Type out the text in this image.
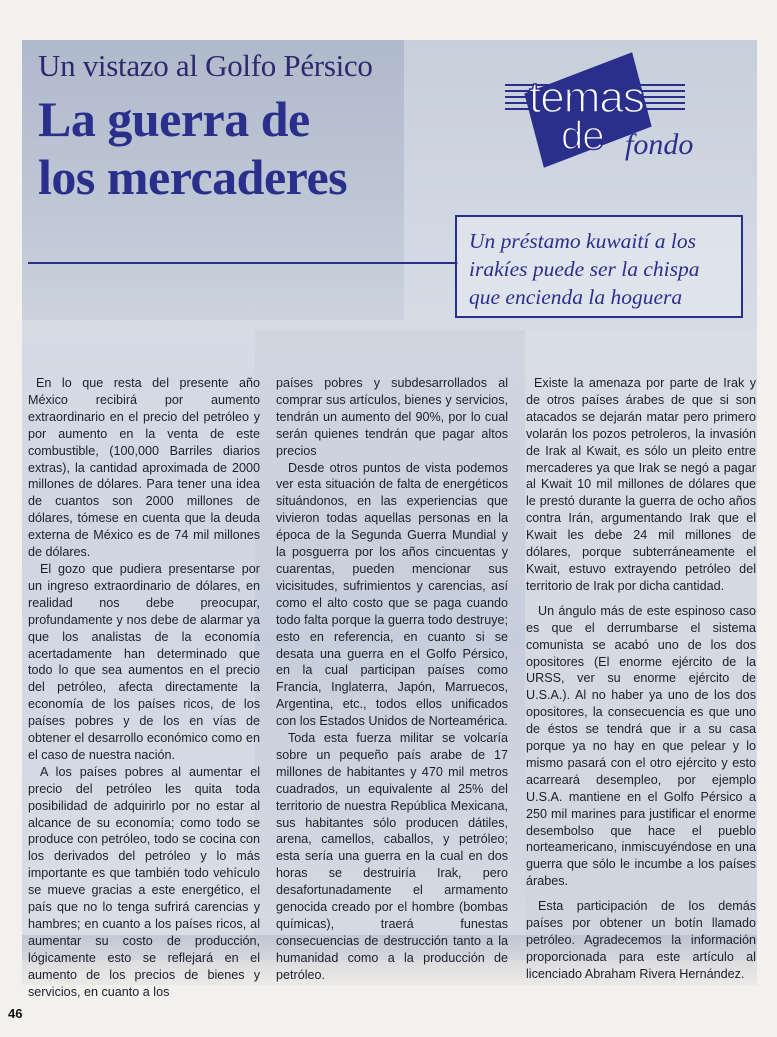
Un vistazo al Golfo Pérsico
La guerra de
los mercaderes
temas
de fondo
Un préstamo kuwaití a los
irakíes puede ser la chispa
que encienda la hoguera

En lo que resta del presente año México recibirá por aumento extraordinario en el precio del petróleo y por aumento en la venta de este combustible, (100,000 Barriles diarios extras), la cantidad aproximada de 2000 millones de dólares. Para tener una idea de cuantos son 2000 millones de dólares, tómese en cuenta que la deuda externa de México es de 74 mil millones de dólares.

El gozo que pudiera presentarse por un ingreso extraordinario de dólares, en realidad nos debe preocupar, profundamente y nos debe de alarmar ya que los analistas de la economía acertadamente han determinado que todo lo que sea aumentos en el precio del petróleo, afecta directamente la economía de los países ricos, de los países pobres y de los en vías de obtener el desarrollo económico como en el caso de nuestra nación.

A los países pobres al aumentar el precio del petróleo les quita toda posibilidad de adquirirlo por no estar al alcance de su economía; como todo se produce con petróleo, todo se cocina con los derivados del petróleo y lo más importante es que también todo vehículo se mueve gracias a este energético, el país que no lo tenga sufrirá carencias y hambres; en cuanto a los países ricos, al aumentar su costo de producción, lógicamente esto se reflejará en el aumento de los precios de bienes y servicios, en cuanto a los

países pobres y subdesarrollados al comprar sus artículos, bienes y servicios, tendrán un aumento del 90%, por lo cual serán quienes tendrán que pagar altos precios

Desde otros puntos de vista podemos ver esta situación de falta de energéticos situándonos, en las experiencias que vivieron todas aquellas personas en la época de la Segunda Guerra Mundial y la posguerra por los años cincuentas y cuarentas, pueden mencionar sus vicisitudes, sufrimientos y carencias, así como el alto costo que se paga cuando todo falta porque la guerra todo destruye; esto en referencia, en cuanto si se desata una guerra en el Golfo Pérsico, en la cual participan países como Francia, Inglaterra, Japón, Marruecos, Argentina, etc., todos ellos unificados con los Estados Unidos de Norteamérica.

Toda esta fuerza militar se volcaría sobre un pequeño país arabe de 17 millones de habitantes y 470 mil metros cuadrados, un equivalente al 25% del territorio de nuestra República Mexicana, sus habitantes sólo producen dátiles, arena, camellos, caballos, y petróleo; esta sería una guerra en la cual en dos horas se destruiría Irak, pero desafortunadamente el armamento genocida creado por el hombre (bombas químicas), traerá funestas consecuencias de destrucción tanto a la humanidad como a la producción de petróleo.

Existe la amenaza por parte de Irak y de otros países árabes de que si son atacados se dejarán matar pero primero volarán los pozos petroleros, la invasión de Irak al Kwait, es sólo un pleito entre mercaderes ya que Irak se negó a pagar al Kwait 10 mil millones de dólares que le prestó durante la guerra de ocho años contra Irán, argumentando Irak que el Kwait les debe 24 mil millones de dólares, porque subterráneamente el Kwait, estuvo extrayendo petróleo del territorio de Irak por dicha cantidad.

Un ángulo más de este espinoso caso es que el derrumbarse el sistema comunista se acabó uno de los dos opositores (El enorme ejército de la URSS, ver su enorme ejército de U.S.A.). Al no haber ya uno de los dos opositores, la consecuencia es que uno de éstos se tendrá que ir a su casa porque ya no hay en que pelear y lo mismo pasará con el otro ejército y esto acarreará desempleo, por ejemplo U.S.A. mantiene en el Golfo Pérsico a 250 mil marines para justificar el enorme desembolso que hace el pueblo norteamericano, inmiscuyéndose en una guerra que sólo le incumbe a los países árabes.

Esta participación de los demás países por obtener un botín llamado petróleo. Agradecemos la información proporcionada para este artículo al licenciado Abraham Rivera Hernández.

46
